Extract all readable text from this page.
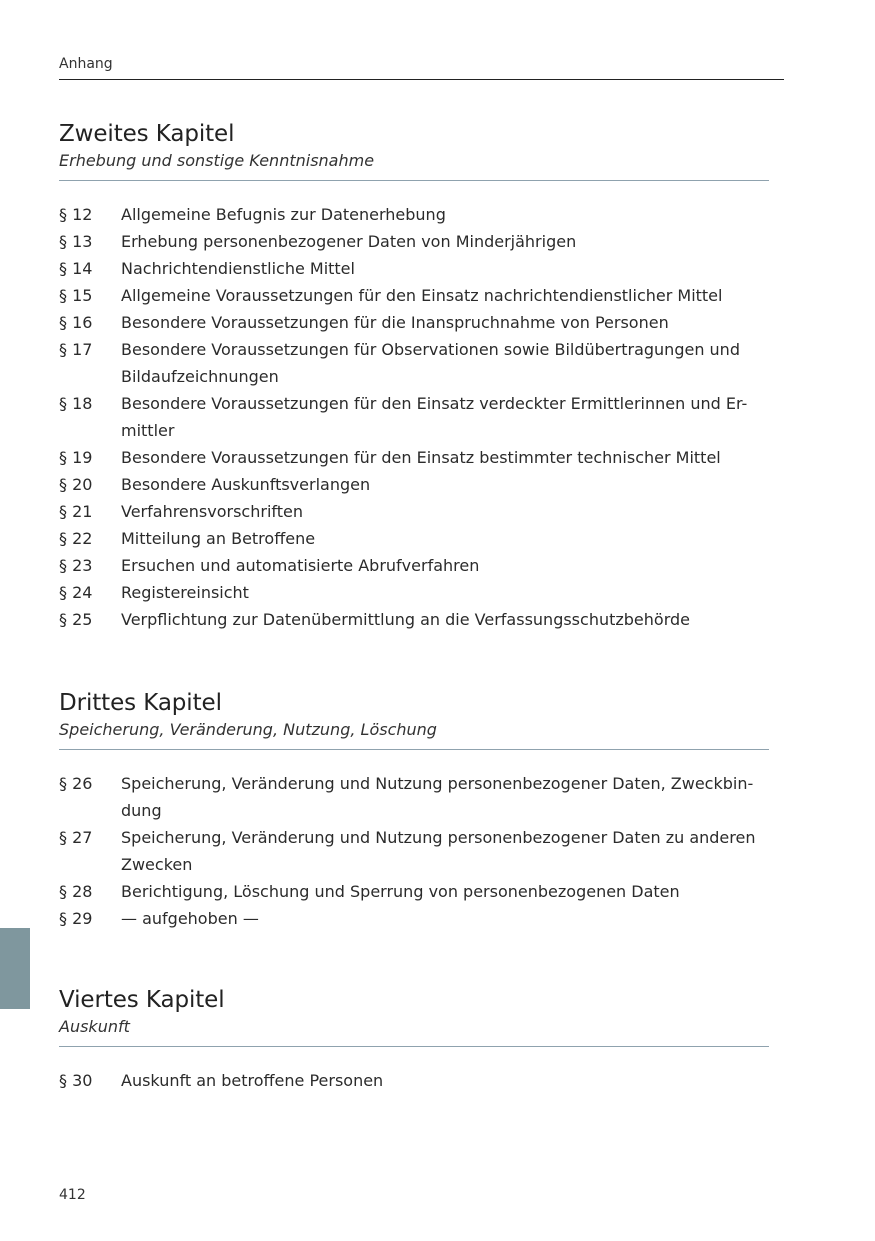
Anhang
Zweites Kapitel
Erhebung und sonstige Kenntnisnahme
§ 12	Allgemeine Befugnis zur Datenerhebung
§ 13	Erhebung personenbezogener Daten von Minderjährigen
§ 14	Nachrichtendienstliche Mittel
§ 15	Allgemeine Voraussetzungen für den Einsatz nachrichtendienstlicher Mittel
§ 16	Besondere Voraussetzungen für die Inanspruchnahme von Personen
§ 17	Besondere Voraussetzungen für Observationen sowie Bildübertragungen und Bildaufzeichnungen
§ 18	Besondere Voraussetzungen für den Einsatz verdeckter Ermittlerinnen und Er-mittler
§ 19	Besondere Voraussetzungen für den Einsatz bestimmter technischer Mittel
§ 20	Besondere Auskunftsverlangen
§ 21	Verfahrensvorschriften
§ 22	Mitteilung an Betroffene
§ 23	Ersuchen und automatisierte Abrufverfahren
§ 24	Registereinsicht
§ 25	Verpflichtung zur Datenübermittlung an die Verfassungsschutzbehörde
Drittes Kapitel
Speicherung, Veränderung, Nutzung, Löschung
§ 26	Speicherung, Veränderung und Nutzung personenbezogener Daten, Zweckbin-dung
§ 27	Speicherung, Veränderung und Nutzung personenbezogener Daten zu anderen Zwecken
§ 28	Berichtigung, Löschung und Sperrung von personenbezogenen Daten
§ 29	— aufgehoben —
Viertes Kapitel
Auskunft
§ 30	Auskunft an betroffene Personen
412
